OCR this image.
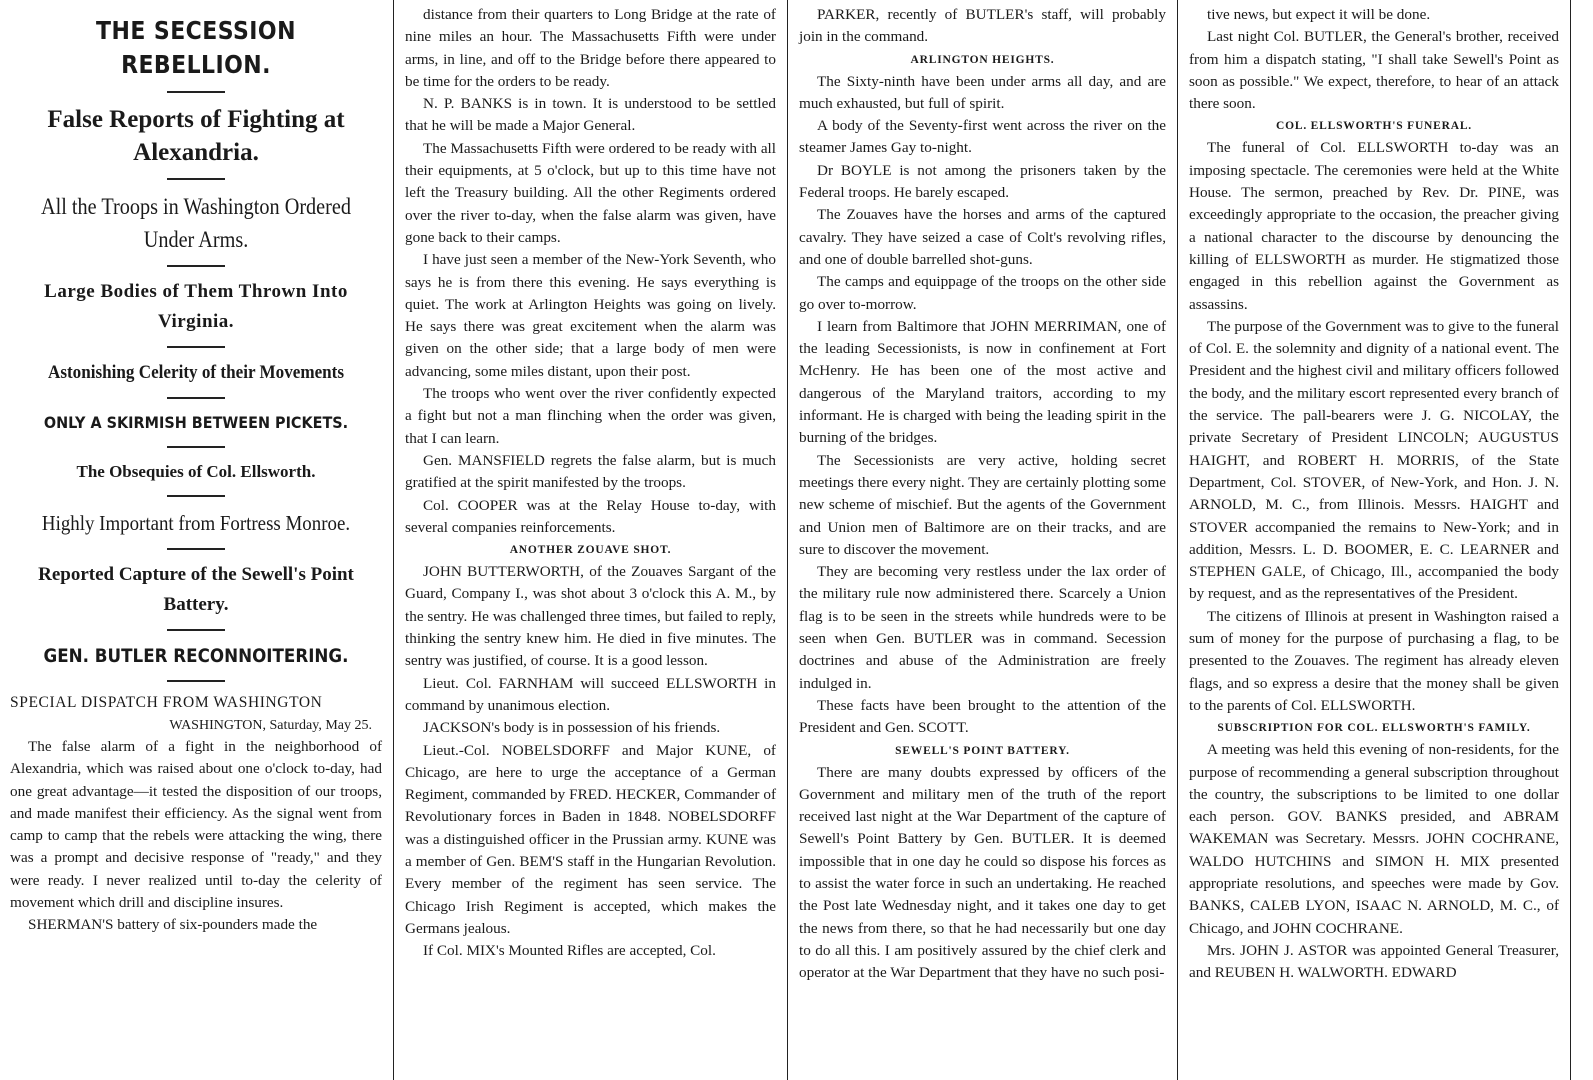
THE SECESSION REBELLION.
False Reports of Fighting at Alexandria.
All the Troops in Washington Ordered Under Arms.
Large Bodies of Them Thrown Into Virginia.
Astonishing Celerity of their Movements
ONLY A SKIRMISH BETWEEN PICKETS.
The Obsequies of Col. Ellsworth.
Highly Important from Fortress Monroe.
Reported Capture of the Sewell's Point Battery.
GEN. BUTLER RECONNOITERING.
SPECIAL DISPATCH FROM WASHINGTON
WASHINGTON, Saturday, May 25.

The false alarm of a fight in the neighborhood of Alexandria, which was raised about one o'clock to-day, had one great advantage—it tested the disposition of our troops, and made manifest their efficiency. As the signal went from camp to camp that the rebels were attacking the wing, there was a prompt and decisive response of "ready," and they were ready. I never realized until to-day the celerity of movement which drill and discipline insures.

SHERMAN'S battery of six-pounders made the

distance from their quarters to Long Bridge at the rate of nine miles an hour. The Massachusetts Fifth were under arms, in line, and off to the Bridge before there appeared to be time for the orders to be ready.

N. P. BANKS is in town. It is understood to be settled that he will be made a Major General.

The Massachusetts Fifth were ordered to be ready with all their equipments, at 5 o'clock, but up to this time have not left the Treasury building. All the other Regiments ordered over the river to-day, when the false alarm was given, have gone back to their camps.

I have just seen a member of the New-York Seventh, who says he is from there this evening. He says everything is quiet. The work at Arlington Heights was going on lively. He says there was great excitement when the alarm was given on the other side; that a large body of men were advancing, some miles distant, upon their post.

The troops who went over the river confidently expected a fight but not a man flinching when the order was given, that I can learn.

Gen. MANSFIELD regrets the false alarm, but is much gratified at the spirit manifested by the troops.

Col. COOPER was at the Relay House to-day, with several companies reinforcements.

ANOTHER ZOUAVE SHOT.

JOHN BUTTERWORTH, of the Zouaves Sargant of the Guard, Company I., was shot about 3 o'clock this A. M., by the sentry. He was challenged three times, but failed to reply, thinking the sentry knew him. He died in five minutes. The sentry was justified, of course. It is a good lesson.

Lieut. Col. FARNHAM will succeed ELLSWORTH in command by unanimous election.

JACKSON's body is in possession of his friends.

Lieut.-Col. NOBELSDORFF and Major KUNE, of Chicago, are here to urge the acceptance of a German Regiment, commanded by FRED. HECKER, Commander of Revolutionary forces in Baden in 1848. NOBELSDORFF was a distinguished officer in the Prussian army. KUNE was a member of Gen. BEM'S staff in the Hungarian Revolution. Every member of the regiment has seen service. The Chicago Irish Regiment is accepted, which makes the Germans jealous.

If Col. MIX's Mounted Rifles are accepted, Col.

PARKER, recently of BUTLER's staff, will probably join in the command.

ARLINGTON HEIGHTS.

The Sixty-ninth have been under arms all day, and are much exhausted, but full of spirit.

A body of the Seventy-first went across the river on the steamer James Gay to-night.

Dr BOYLE is not among the prisoners taken by the Federal troops. He barely escaped.

The Zouaves have the horses and arms of the captured cavalry. They have seized a case of Colt's revolving rifles, and one of double barrelled shot-guns.

The camps and equippage of the troops on the other side go over to-morrow.

I learn from Baltimore that JOHN MERRIMAN, one of the leading Secessionists, is now in confinement at Fort McHenry. He has been one of the most active and dangerous of the Maryland traitors, according to my informant. He is charged with being the leading spirit in the burning of the bridges.

The Secessionists are very active, holding secret meetings there every night. They are certainly plotting some new scheme of mischief. But the agents of the Government and Union men of Baltimore are on their tracks, and are sure to discover the movement.

They are becoming very restless under the lax order of the military rule now administered there. Scarcely a Union flag is to be seen in the streets while hundreds were to be seen when Gen. BUTLER was in command. Secession doctrines and abuse of the Administration are freely indulged in.

These facts have been brought to the attention of the President and Gen. SCOTT.

SEWELL'S POINT BATTERY.

There are many doubts expressed by officers of the Government and military men of the truth of the report received last night at the War Department of the capture of Sewell's Point Battery by Gen. BUTLER. It is deemed impossible that in one day he could so dispose his forces as to assist the water force in such an undertaking. He reached the Post late Wednesday night, and it takes one day to get the news from there, so that he had necessarily but one day to do all this. I am positively assured by the chief clerk and operator at the War Department that they have no such posi-

tive news, but expect it will be done.

Last night Col. BUTLER, the General's brother, received from him a dispatch stating, "I shall take Sewell's Point as soon as possible." We expect, therefore, to hear of an attack there soon.

COL. ELLSWORTH'S FUNERAL.

The funeral of Col. ELLSWORTH to-day was an imposing spectacle. The ceremonies were held at the White House. The sermon, preached by Rev. Dr. PINE, was exceedingly appropriate to the occasion, the preacher giving a national character to the discourse by denouncing the killing of ELLSWORTH as murder. He stigmatized those engaged in this rebellion against the Government as assassins.

The purpose of the Government was to give to the funeral of Col. E. the solemnity and dignity of a national event. The President and the highest civil and military officers followed the body, and the military escort represented every branch of the service. The pall-bearers were J. G. NICOLAY, the private Secretary of President LINCOLN; AUGUSTUS HAIGHT, and ROBERT H. MORRIS, of the State Department, Col. STOVER, of New-York, and Hon. J. N. ARNOLD, M. C., from Illinois. Messrs. HAIGHT and STOVER accompanied the remains to New-York; and in addition, Messrs. L. D. BOOMER, E. C. LEARNER and STEPHEN GALE, of Chicago, Ill., accompanied the body by request, and as the representatives of the President.

The citizens of Illinois at present in Washington raised a sum of money for the purpose of purchasing a flag, to be presented to the Zouaves. The regiment has already eleven flags, and so express a desire that the money shall be given to the parents of Col. ELLSWORTH.

SUBSCRIPTION FOR COL. ELLSWORTH'S FAMILY.

A meeting was held this evening of non-residents, for the purpose of recommending a general subscription throughout the country, the subscriptions to be limited to one dollar each person. GOV. BANKS presided, and ABRAM WAKEMAN was Secretary. Messrs. JOHN COCHRANE, WALDO HUTCHINS and SIMON H. MIX presented appropriate resolutions, and speeches were made by Gov. BANKS, CALEB LYON, ISAAC N. ARNOLD, M. C., of Chicago, and JOHN COCHRANE.

Mrs. JOHN J. ASTOR was appointed General Treasurer, and REUBEN H. WALWORTH. EDWARD
